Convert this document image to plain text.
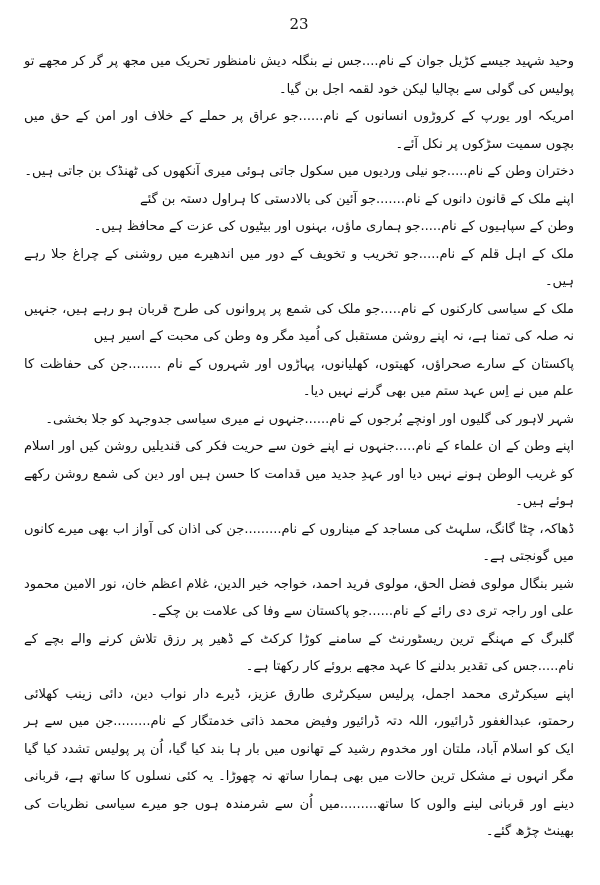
23

وحید شہید جیسے کڑیل جوان کے نام....جس نے بنگلہ دیش نامنظور تحریک میں مجھ پر گر کر مجھے تو پولیس کی گولی سے بچالیا لیکن خود لقمہ اجل بن گیا۔

امریکہ اور یورپ کے کروڑوں انسانوں کے نام......جو عراق پر حملے کے خلاف اور امن کے حق میں بچوں سمیت سڑکوں پر نکل آئے۔

دختران وطن کے نام.....جو نیلی وردیوں میں سکول جاتی ہوئی میری آنکھوں کی ٹھنڈک بن جاتی ہیں۔

اپنے ملک کے قانون دانوں کے نام.......جو آئین کی بالادستی کا ہراول دستہ بن گئے

وطن کے سپاہیوں کے نام.....جو ہماری ماؤں، بہنوں اور بیٹیوں کی عزت کے محافظ ہیں۔

ملک کے اہل قلم کے نام.....جو تخریب و تخویف کے دور میں اندھیرے میں روشنی کے چراغ جلا رہے ہیں۔

ملک کے سیاسی کارکنوں کے نام.....جو ملک کی شمع پر پروانوں کی طرح قربان ہو رہے ہیں، جنہیں نہ صلہ کی تمنا ہے، نہ اپنے روشن مستقبل کی اُمید مگر وہ وطن کی محبت کے اسیر ہیں

پاکستان کے سارے صحراؤں، کھیتوں، کھلیانوں، پہاڑوں اور شہروں کے نام ........جن کی حفاظت کا علم میں نے اِس عہد ستم میں بھی گرنے نہیں دیا۔

شہر لاہور کی گلیوں اور اونچے بُرجوں کے نام......جنہوں نے میری سیاسی جدوجہد کو جلا بخشی۔

اپنے وطن کے ان علماء کے نام.....جنہوں نے اپنے خون سے حریت فکر کی قندیلیں روشن کیں اور اسلام کو غریب الوطن ہونے نہیں دیا اور عہدِ جدید میں قدامت کا حسن ہیں اور دین کی شمع روشن رکھے ہوئے ہیں۔

ڈھاکہ، چٹا گانگ، سلہٹ کی مساجد کے میناروں کے نام.........جن کی اذان کی آواز اب بھی میرے کانوں میں گونجتی ہے۔

شیر بنگال مولوی فضل الحق، مولوی فرید احمد، خواجہ خیر الدین، غلام اعظم خان، نور الامین محمود علی اور راجہ تری دی رائے کے نام......جو پاکستان سے وفا کی علامت بن چکے۔

گلبرگ کے مہنگے ترین ریسٹورنٹ کے سامنے کوڑا کرکٹ کے ڈھیر پر رزق تلاش کرنے والے بچے کے نام.....جس کی تقدیر بدلنے کا عہد مجھے بروئے کار رکھتا ہے۔

اپنے سیکرٹری محمد اجمل، پرلیس سیکرٹری طارق عزیز، ڈیرے دار نواب دین، دائی زینب کھلائی رحمتو، عبدالغفور ڈرائیور، اللہ دتہ ڈرائیور وفیض محمد ذاتی خدمتگار کے نام.........جن میں سے ہر ایک کو اسلام آباد، ملتان اور مخدوم رشید کے تھانوں میں بار ہا بند کیا گیا، اُن پر پولیس تشدد کیا گیا مگر انہوں نے مشکل ترین حالات میں بھی ہمارا ساتھ نہ چھوڑا۔ یہ کئی نسلوں کا ساتھ ہے، قربانی دینے اور قربانی لینے والوں کا ساتھ.........میں اُن سے شرمندہ ہوں جو میرے سیاسی نظریات کی بھینٹ چڑھ گئے۔
